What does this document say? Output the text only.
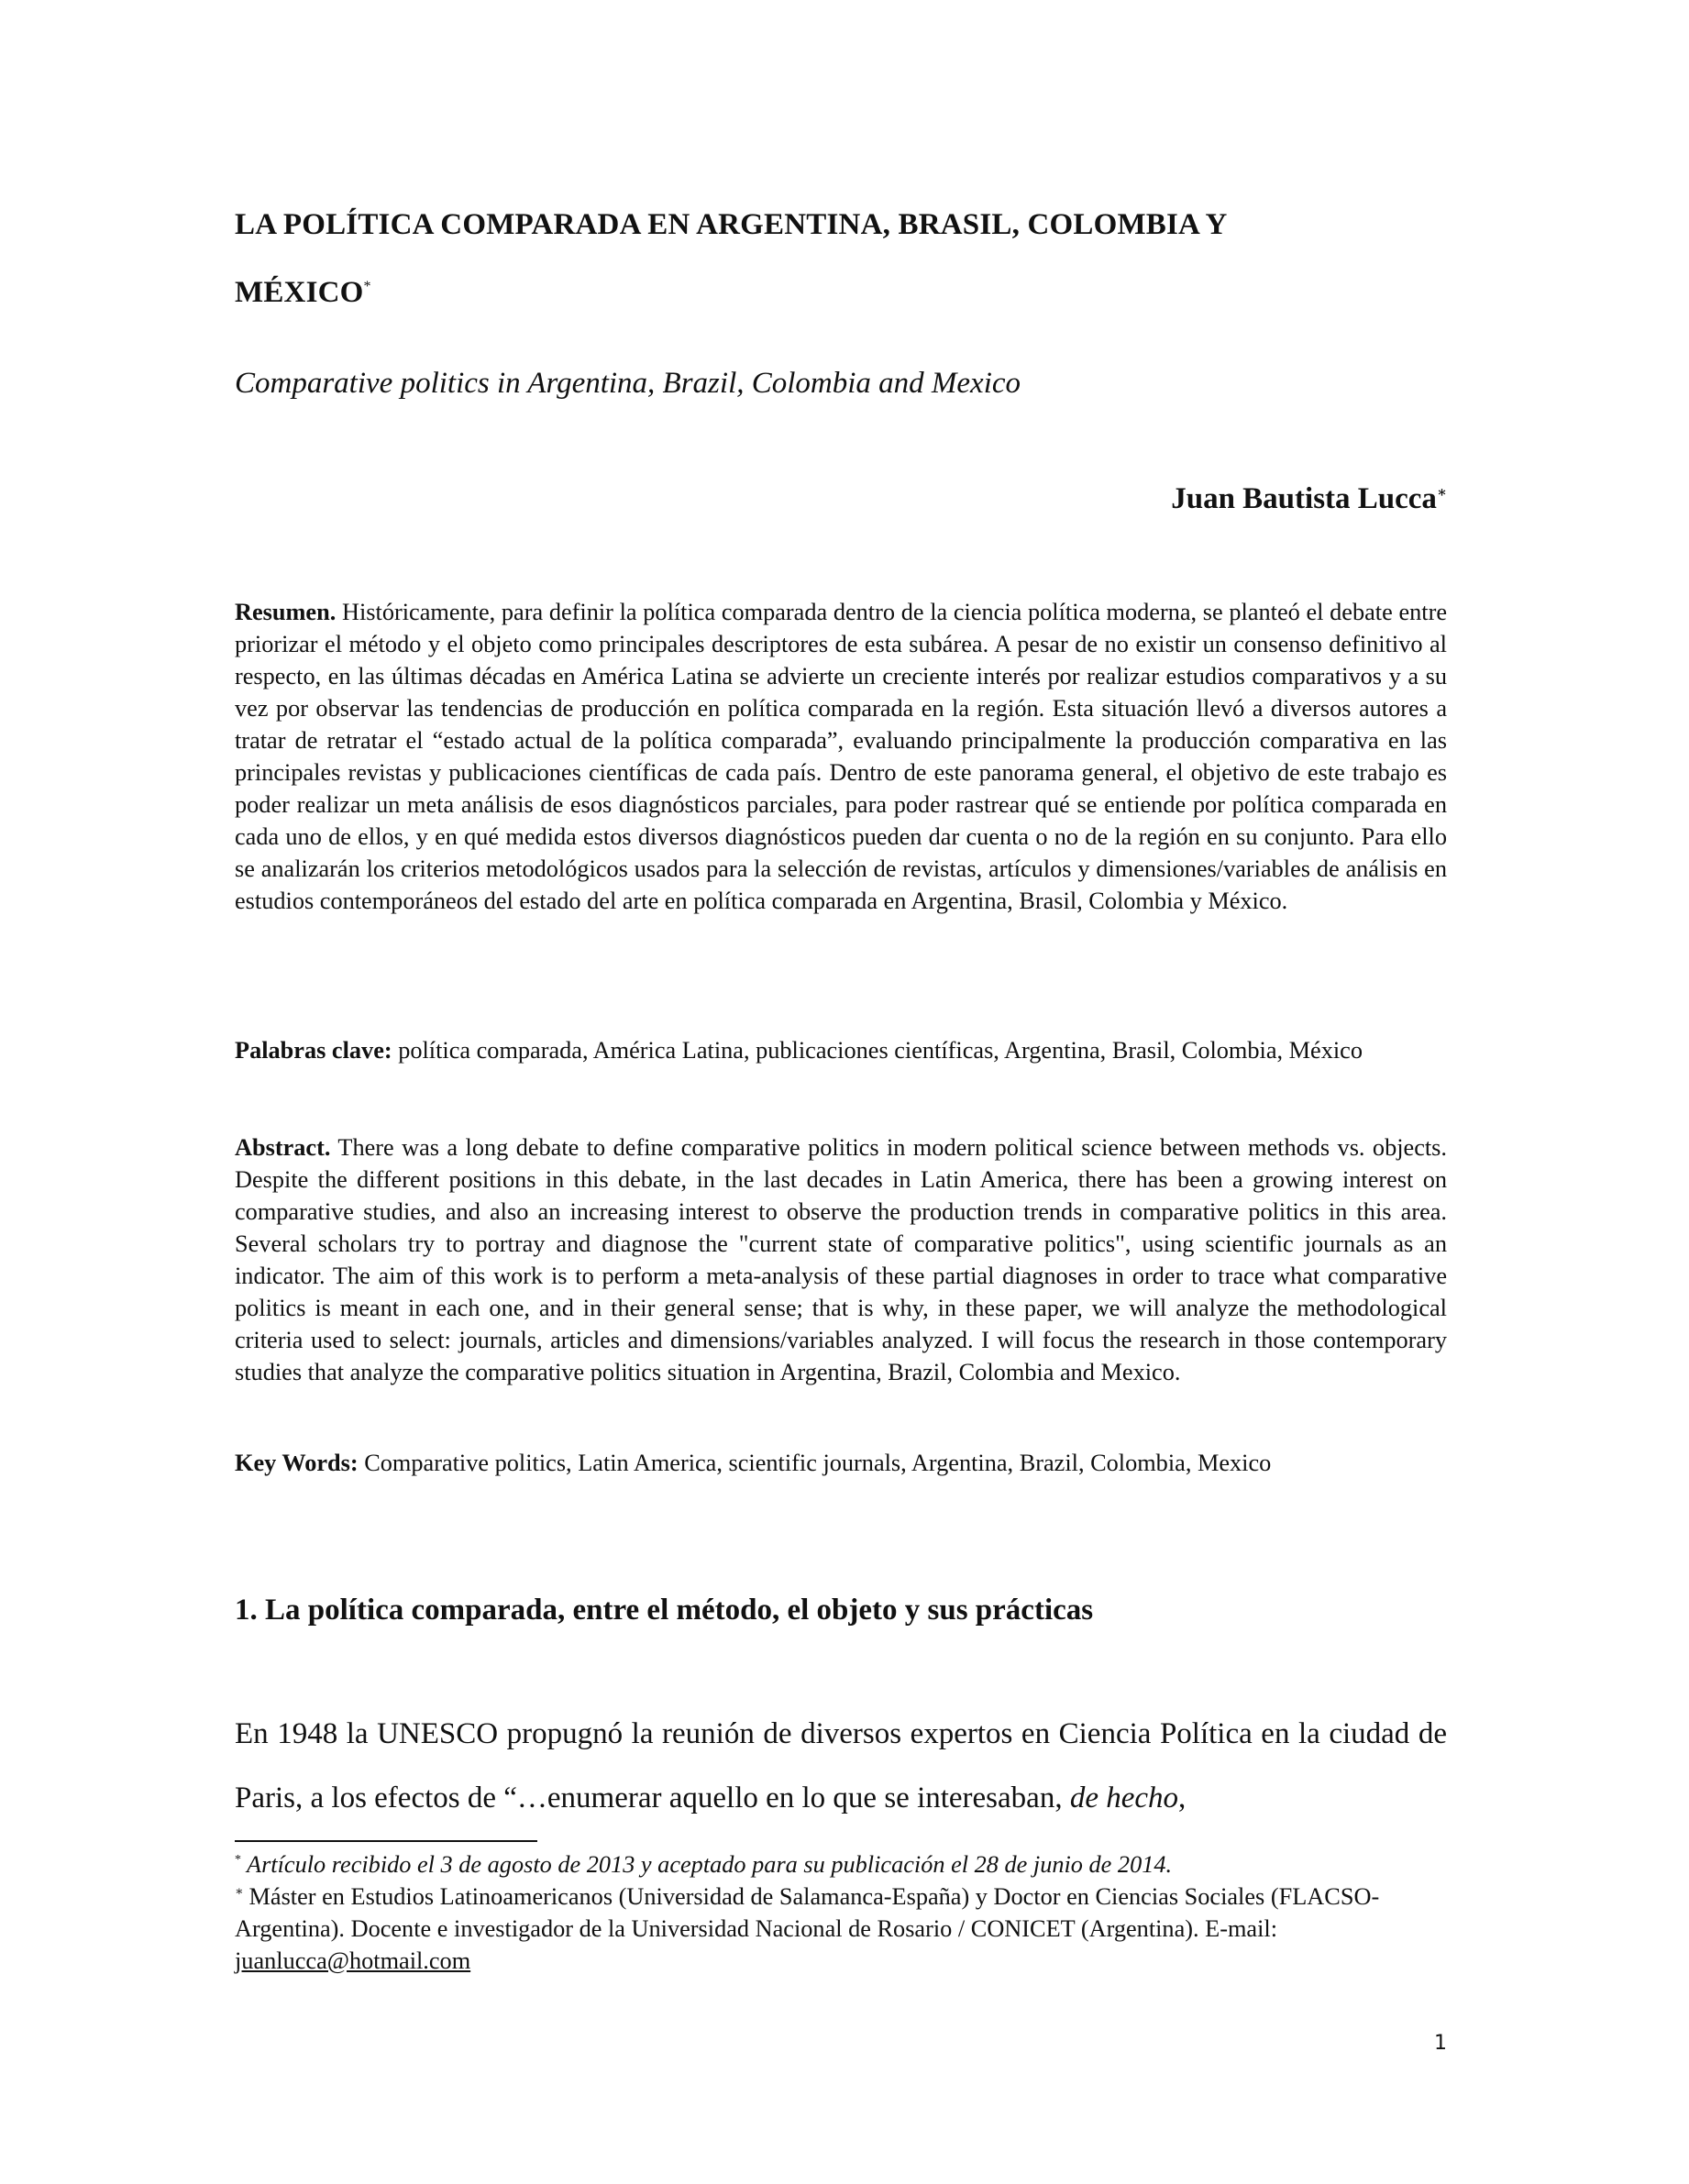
LA POLÍTICA COMPARADA EN ARGENTINA, BRASIL, COLOMBIA Y
MÉXICO*
Comparative politics in Argentina, Brazil, Colombia and Mexico
Juan Bautista Lucca∗
Resumen. Históricamente, para definir la política comparada dentro de la ciencia política moderna, se planteó el debate entre priorizar el método y el objeto como principales descriptores de esta subárea. A pesar de no existir un consenso definitivo al respecto, en las últimas décadas en América Latina se advierte un creciente interés por realizar estudios comparativos y a su vez por observar las tendencias de producción en política comparada en la región. Esta situación llevó a diversos autores a tratar de retratar el “estado actual de la política comparada”, evaluando principalmente la producción comparativa en las principales revistas y publicaciones científicas de cada país. Dentro de este panorama general, el objetivo de este trabajo es poder realizar un meta análisis de esos diagnósticos parciales, para poder rastrear qué se entiende por política comparada en cada uno de ellos, y en qué medida estos diversos diagnósticos pueden dar cuenta o no de la región en su conjunto. Para ello se analizarán los criterios metodológicos usados para la selección de revistas, artículos y dimensiones/variables de análisis en estudios contemporáneos del estado del arte en política comparada en Argentina, Brasil, Colombia y México.
Palabras clave: política comparada, América Latina, publicaciones científicas, Argentina, Brasil, Colombia, México
Abstract. There was a long debate to define comparative politics in modern political science between methods vs. objects. Despite the different positions in this debate, in the last decades in Latin America, there has been a growing interest on comparative studies, and also an increasing interest to observe the production trends in comparative politics in this area. Several scholars try to portray and diagnose the "current state of comparative politics", using scientific journals as an indicator. The aim of this work is to perform a meta-analysis of these partial diagnoses in order to trace what comparative politics is meant in each one, and in their general sense; that is why, in these paper, we will analyze the methodological criteria used to select: journals, articles and dimensions/variables analyzed. I will focus the research in those contemporary studies that analyze the comparative politics situation in Argentina, Brazil, Colombia and Mexico.
Key Words: Comparative politics, Latin America, scientific journals, Argentina, Brazil, Colombia, Mexico
1. La política comparada, entre el método, el objeto y sus prácticas
En 1948 la UNESCO propugnó la reunión de diversos expertos en Ciencia Política en la ciudad de Paris, a los efectos de “…enumerar aquello en lo que se interesaban, de hecho,
* Artículo recibido el 3 de agosto de 2013 y aceptado para su publicación el 28 de junio de 2014.
∗ Máster en Estudios Latinoamericanos (Universidad de Salamanca-España) y Doctor en Ciencias Sociales (FLACSO-Argentina). Docente e investigador de la Universidad Nacional de Rosario / CONICET (Argentina). E-mail: juanlucca@hotmail.com
1
